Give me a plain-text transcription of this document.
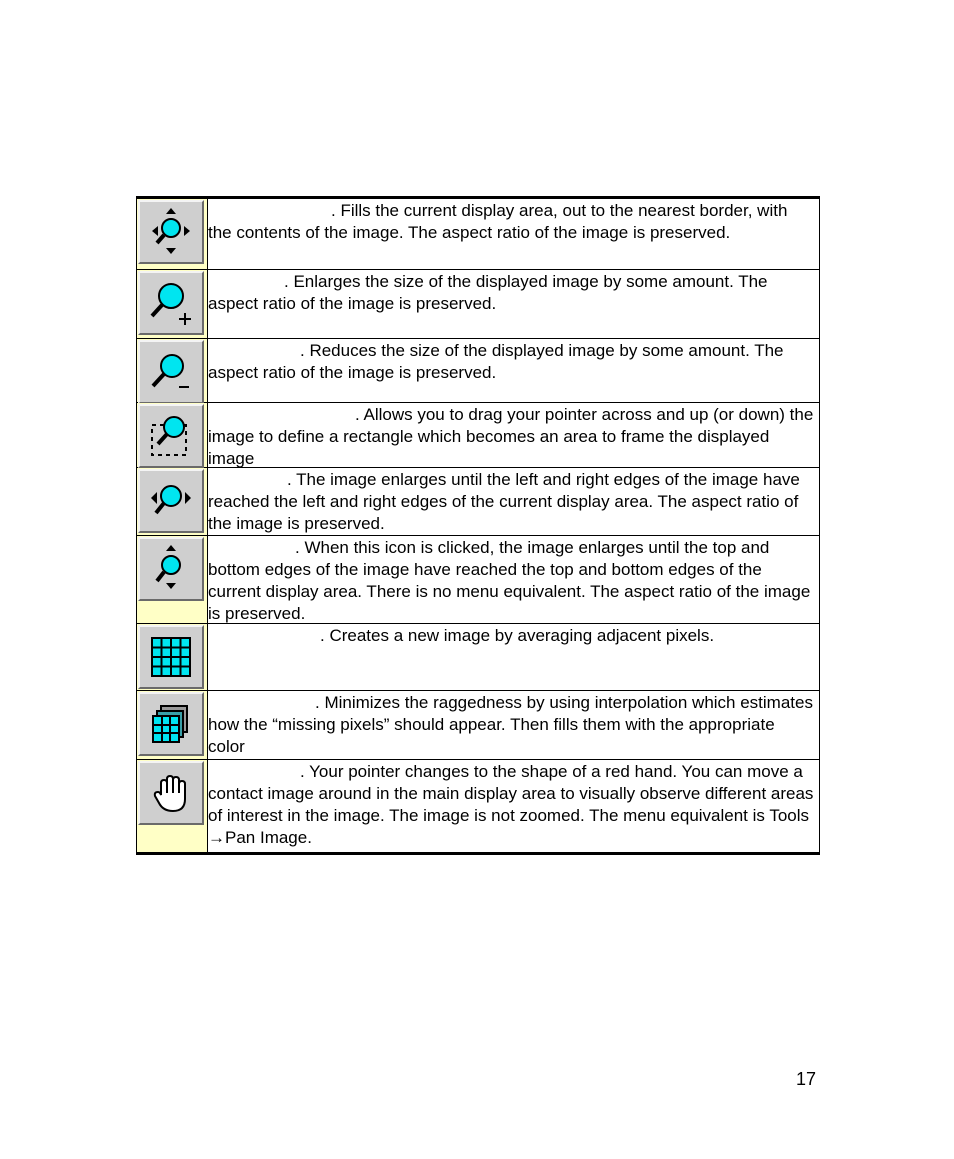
. Fills the current display area, out to the nearest border, with the contents of the image. The aspect ratio of the image is preserved.
. Enlarges the size of the displayed image by some amount. The aspect ratio of the image is preserved.
. Reduces the size of the displayed image by some amount. The aspect ratio of the image is preserved.
. Allows you to drag your pointer across and up (or down) the image to define a rectangle which becomes an area to frame the displayed image
. The image enlarges until the left and right edges of the image have reached the left and right edges of the current display area. The aspect ratio of the image is preserved.
. When this icon is clicked, the image enlarges until the top and bottom edges of the image have reached the top and bottom edges of the current display area. There is no menu equivalent. The aspect ratio of the image is preserved.
. Creates a new image by averaging adjacent pixels.
. Minimizes the raggedness by using interpolation which estimates how the “missing pixels” should appear. Then fills them with the appropriate color
. Your pointer changes to the shape of a red hand. You can move a contact image around in the main display area to visually observe different areas of interest in the image. The image is not zoomed. The menu equivalent is Tools →Pan Image.
17
